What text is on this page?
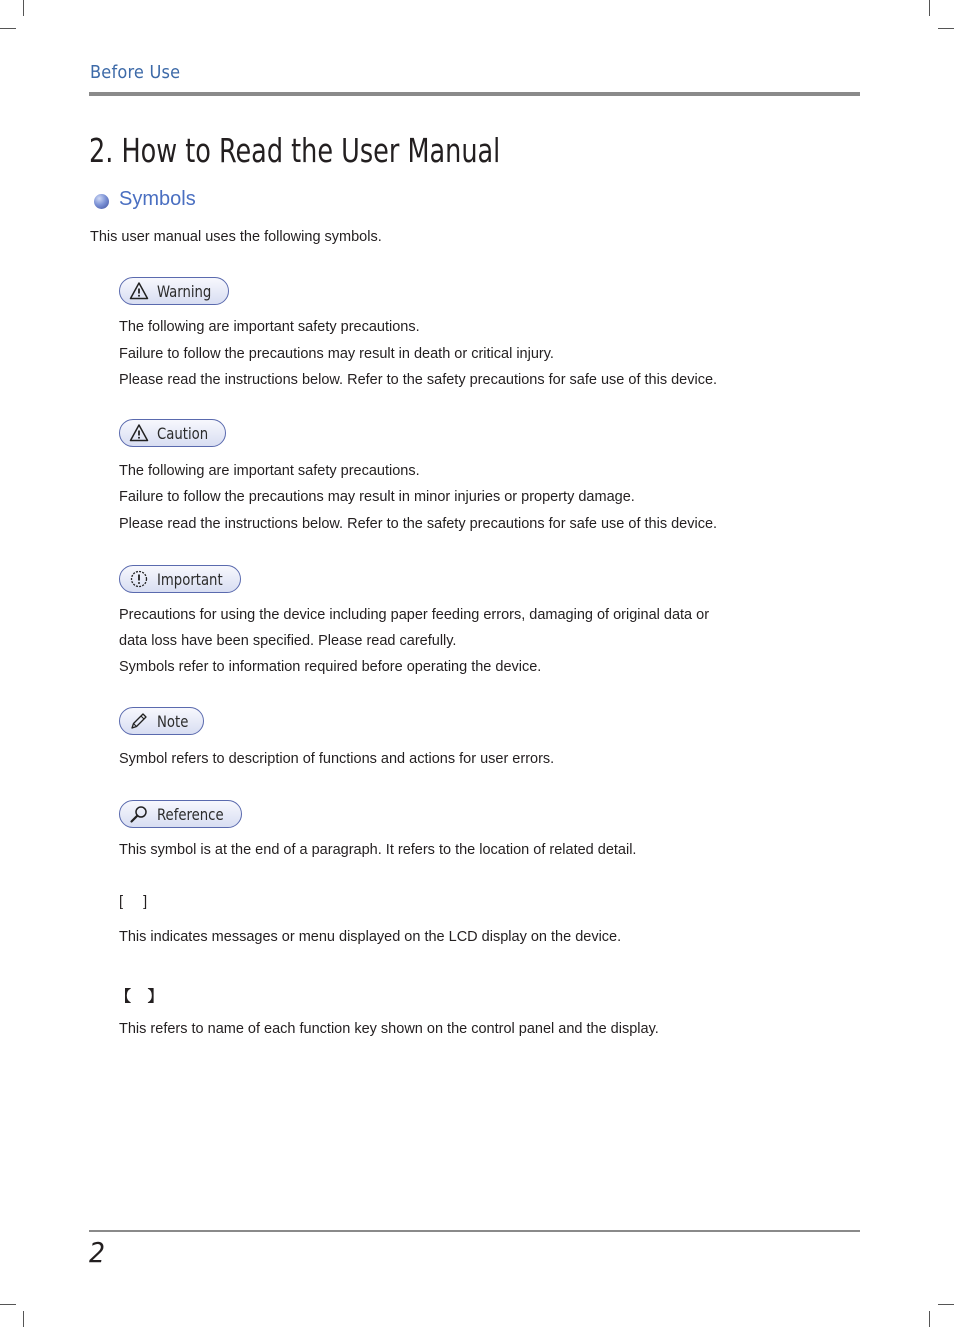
Before Use
2. How to Read the User Manual
Symbols
This user manual uses the following symbols.
Warning
The following are important safety precautions.
Failure to follow the precautions may result in death or critical injury.
Please read the instructions below. Refer to the safety precautions for safe use of this device.
Caution
The following are important safety precautions.
Failure to follow the precautions may result in minor injuries or property damage.
Please read the instructions below. Refer to the safety precautions for safe use of this device.
Important
Precautions for using the device including paper feeding errors, damaging of original data or
data loss have been specified. Please read carefully.
Symbols refer to information required before operating the device.
Note
Symbol refers to description of functions and actions for user errors.
Reference
This symbol is at the end of a paragraph. It refers to the location of related detail.
[     ]
This indicates messages or menu displayed on the LCD display on the device.
【    】
This refers to name of each function key shown on the control panel and the display.
2
